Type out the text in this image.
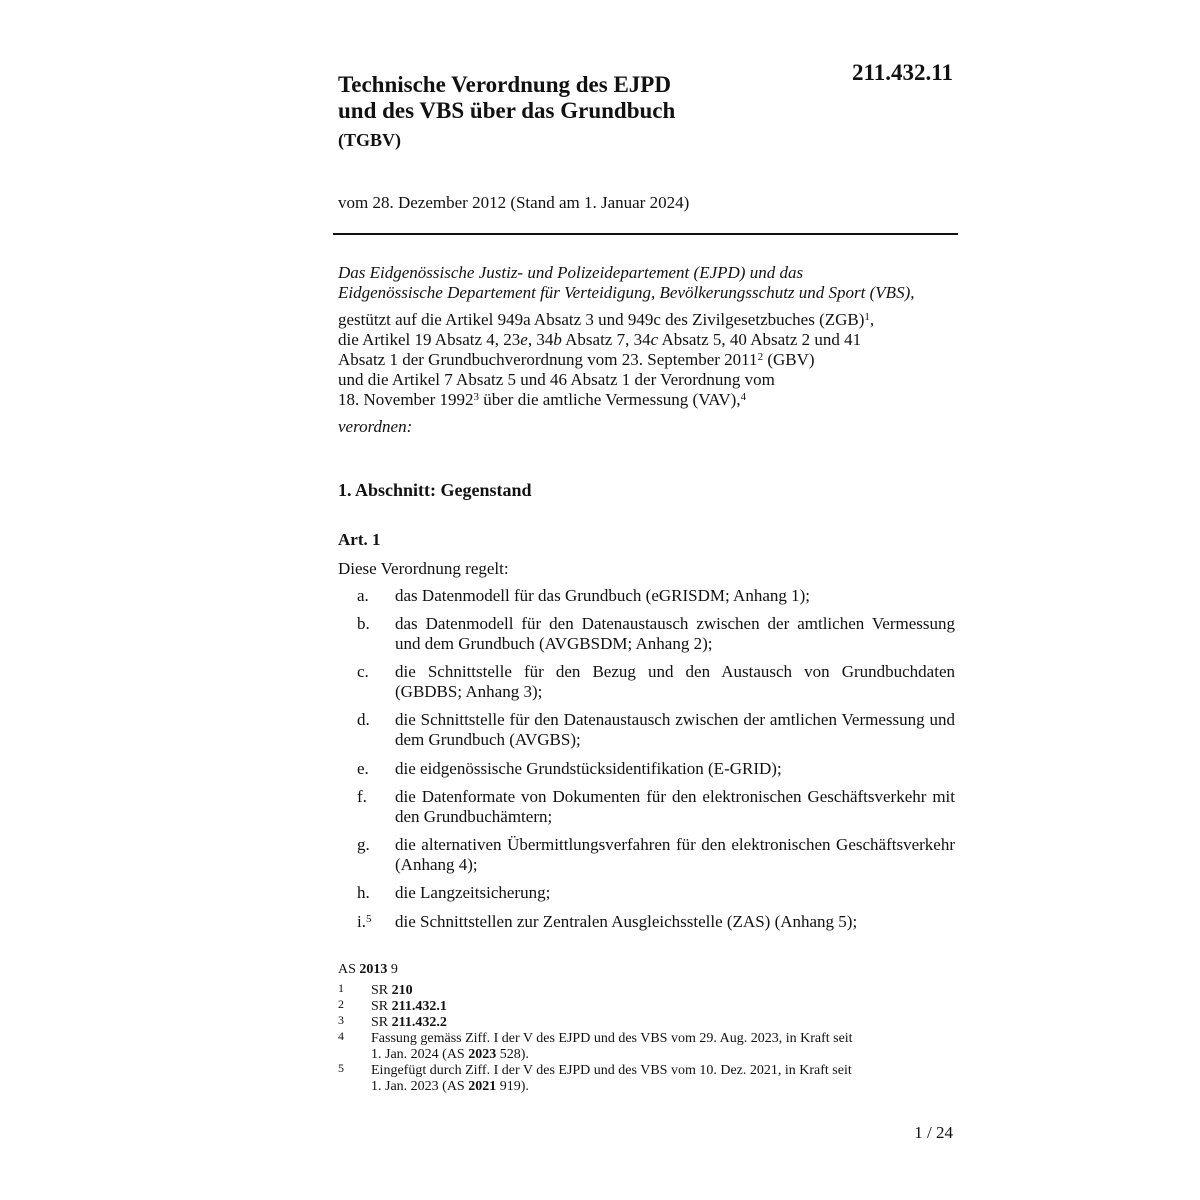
211.432.11
Technische Verordnung des EJPD
und des VBS über das Grundbuch
(TGBV)
vom 28. Dezember 2012 (Stand am 1. Januar 2024)
Das Eidgenössische Justiz- und Polizeidepartement (EJPD) und das
Eidgenössische Departement für Verteidigung, Bevölkerungsschutz und Sport (VBS),
gestützt auf die Artikel 949a Absatz 3 und 949c des Zivilgesetzbuches (ZGB)$^1$,
die Artikel 19 Absatz 4, 23e, 34b Absatz 7, 34c Absatz 5, 40 Absatz 2 und 41
Absatz 1 der Grundbuchverordnung vom 23. September 2011$^2$ (GBV)
und die Artikel 7 Absatz 5 und 46 Absatz 1 der Verordnung vom
18. November 1992$^3$ über die amtliche Vermessung (VAV),$^4$
verordnen:
1. Abschnitt: Gegenstand
Art. 1
Diese Verordnung regelt:
a. das Datenmodell für das Grundbuch (eGRISDM; Anhang 1);
b. das Datenmodell für den Datenaustausch zwischen der amtlichen Vermessung und dem Grundbuch (AVGBSDM; Anhang 2);
c. die Schnittstelle für den Bezug und den Austausch von Grundbuchdaten (GBDBS; Anhang 3);
d. die Schnittstelle für den Datenaustausch zwischen der amtlichen Vermessung und dem Grundbuch (AVGBS);
e. die eidgenössische Grundstücksidentifikation (E-GRID);
f. die Datenformate von Dokumenten für den elektronischen Geschäftsverkehr mit den Grundbuchämtern;
g. die alternativen Übermittlungsverfahren für den elektronischen Geschäftsverkehr (Anhang 4);
h. die Langzeitsicherung;
i.$^5$ die Schnittstellen zur Zentralen Ausgleichsstelle (ZAS) (Anhang 5);
AS 2013 9
1 SR 210
2 SR 211.432.1
3 SR 211.432.2
4 Fassung gemäss Ziff. I der V des EJPD und des VBS vom 29. Aug. 2023, in Kraft seit
1. Jan. 2024 (AS 2023 528).
5 Eingefügt durch Ziff. I der V des EJPD und des VBS vom 10. Dez. 2021, in Kraft seit
1. Jan. 2023 (AS 2021 919).
1 / 24
